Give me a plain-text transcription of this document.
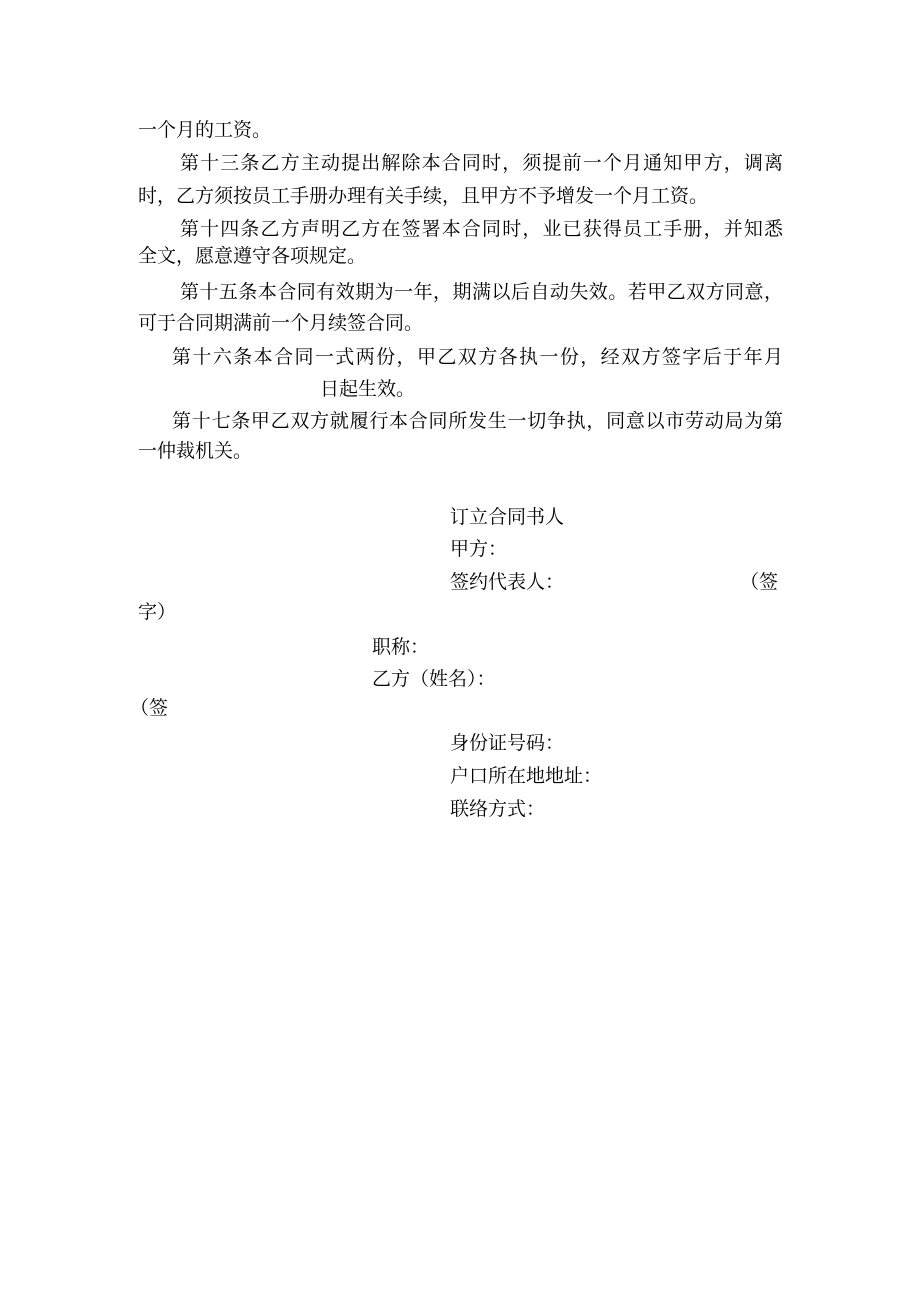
一个月的工资。

第十三条乙方主动提出解除本合同时，须提前一个月通知甲方，调离

时，乙方须按员工手册办理有关手续，且甲方不予增发一个月工资。

第十四条乙方声明乙方在签署本合同时，业已获得员工手册，并知悉

全文，愿意遵守各项规定。

第十五条本合同有效期为一年，期满以后自动失效。若甲乙双方同意，

可于合同期满前一个月续签合同。

第十六条本合同一式两份，甲乙双方各执一份，经双方签字后于年月

日起生效。

第十七条甲乙双方就履行本合同所发生一切争执，同意以市劳动局为第

一仲裁机关。

订立合同书人

甲方：

签约代表人：	（签

字）

职称：

乙方（姓名）：

（签

身份证号码：

户口所在地地址：

联络方式：
